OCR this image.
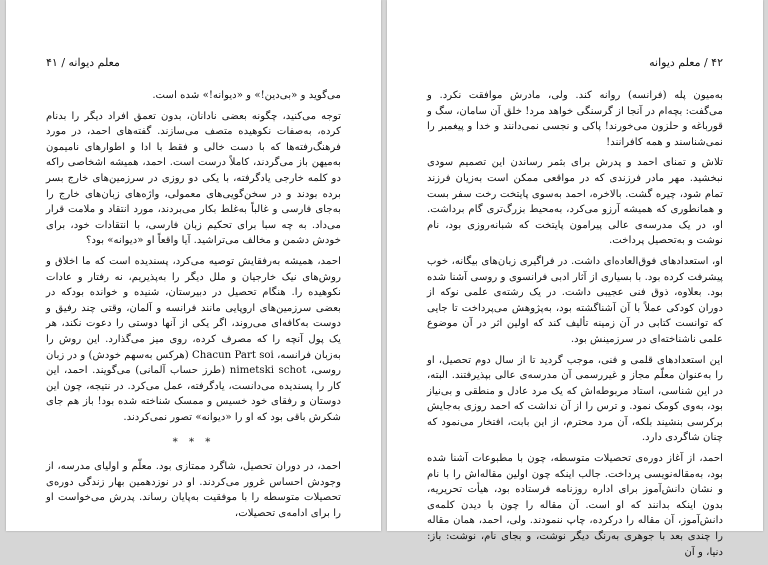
معلم دیوانه / ۴۱

می‌گوید و «بی‌دین!» و «دیوانه!» شده است.

توجه می‌کنید، چگونه بعضی نادانان، بدون تعمق افراد دیگر را بدنام کرده، به‌صفات نکوهیده متصف می‌سازند. گفته‌های احمد، در مورد فرهنگ‌رفته‌ها که با دست خالی و فقط با ادا و اطوارهای نامیمون به‌میهن باز می‌گردند، کاملاً درست است. احمد، همیشه اشخاصی راکه دو کلمه خارجی یادگرفته، با یکی دو روزی در سرزمین‌های خارج بسر برده بودند و در سخن‌گویی‌های معمولی، واژه‌های زبان‌های خارج را به‌جای فارسی و غالباً به‌غلط بکار می‌بردند، مورد انتقاد و ملامت قرار می‌داد. به چه سبا برای تحکیم زبان فارسی، با انتقادات خود، برای خودش دشمن و مخالف می‌تراشید. آیا واقعاً او «دیوانه» بود؟

احمد، همیشه به‌رفقایش توصیه می‌کرد، پسندیده است که ما اخلاق و روش‌های نیک خارجیان و ملل دیگر را به‌پذیریم، نه رفتار و عادات نکوهیده را. هنگام تحصیل در دبیرستان، شنیده و خوانده بودکه در بعضی سرزمین‌های اروپایی مانند فرانسه و آلمان، وقتی چند رفیق و دوست به‌کافه‌ای می‌روند، اگر یکی از آنها دوستی را دعوت نکند، هر یک پول آنچه را که مصرف کرده، روی میز می‌گذارد. این روش را به‌زبان فرانسه، Chacun Part soi (هرکس به‌سهم خودش) و در زبان روسی، nimetski schot (طرز حساب آلمانی) می‌گویند. احمد، این کار را پسندیده می‌دانست، یادگرفته، عمل می‌کرد. در نتیجه، چون این دوستان و رفقای خود خسیس و ممسک شناخته شده بود! باز هم جای شکرش باقی بود که او را «دیوانه» تصور نمی‌کردند.

* * *

احمد، در دوران تحصیل، شاگرد ممتازی بود. معلّم و اولیای مدرسه، از وجودش احساس غرور می‌کردند. او در نوزدهمین بهار زندگی دوره‌ی تحصیلات متوسطه را با موفقیت به‌پایان رساند. پدرش می‌خواست او را برای ادامه‌ی تحصیلات،

۴۲ / معلم دیوانه

به‌میون پله (فرانسه) روانه کند. ولی، مادرش موافقت نکرد. و می‌گفت: بچه‌ام در آنجا از گرسنگی خواهد مرد! خلق آن سامان، سگ و قورباغه و حلزون می‌خورند! پاکی و نجسی نمی‌دانند و خدا و پیغمبر را نمی‌شناسند و همه کافرانند!

تلاش و تمنای احمد و پدرش برای بثمر رساندن این تصمیم سودی نبخشید. مهر مادر فرزندی که در مواقعی ممکن است به‌زیان فرزند تمام شود، چیره گشت. بالاخره، احمد به‌سوی پایتخت رخت سفر بست و همانطوری که همیشه آرزو می‌کرد، به‌محیط بزرگ‌تری گام برداشت. او، در یک مدرسه‌ی عالی پیرامون پایتخت که شبانه‌روزی بود، نام نوشت و به‌تحصیل پرداخت.

او، استعدادهای فوق‌العاده‌ای داشت. در فراگیری زبان‌های بیگانه، خوب پیشرفت کرده بود. با بسیاری از آثار ادبی فرانسوی و روسی آشنا شده بود. بعلاوه، ذوق فنی عجیبی داشت. در یک رشته‌ی علمی نوکه از دوران کودکی عملاً با آن آشناگشته بود، به‌پژوهش می‌پرداخت تا جایی که توانست کتابی در آن زمینه تألیف کند که اولین اثر در آن موضوع علمی ناشناخته‌ای در سرزمینش بود.

این استعدادهای قلمی و فنی، موجب گردید تا از سال دوم تحصیل، او را به‌عنوان معلّم مجاز و غیررسمی آن مدرسه‌ی عالی بپذیرفتند. البته، در این شناسی، استاد مربوطه‌اش که یک مرد عادل و منطقی و بی‌نیاز بود، به‌وی کومک نمود. و ترس را از آن نداشت که احمد روزی به‌جایش برکرسی بنشیند بلکه، آن مرد محترم، از این بابت، افتخار می‌نمود که چنان شاگردی دارد.

احمد، از آغاز دوره‌ی تحصیلات متوسطه، چون با مطبوعات آشنا شده بود، به‌مقاله‌نویسی پرداخت. جالب اینکه چون اولین مقاله‌اش را با نام و نشان دانش‌آموز برای اداره روزنامه فرستاده بود، هیأت تحریریه، بدون اینکه بدانند که او است. آن مقاله را چون با دیدن کلمه‌ی دانش‌آموز، آن مقاله را درکرده، چاپ ننمودند. ولی، احمد، همان مقاله را چندی بعد با جوهری به‌رنگ دیگر نوشت، و بجای نام، نوشت: باز: دنیا، و آن
